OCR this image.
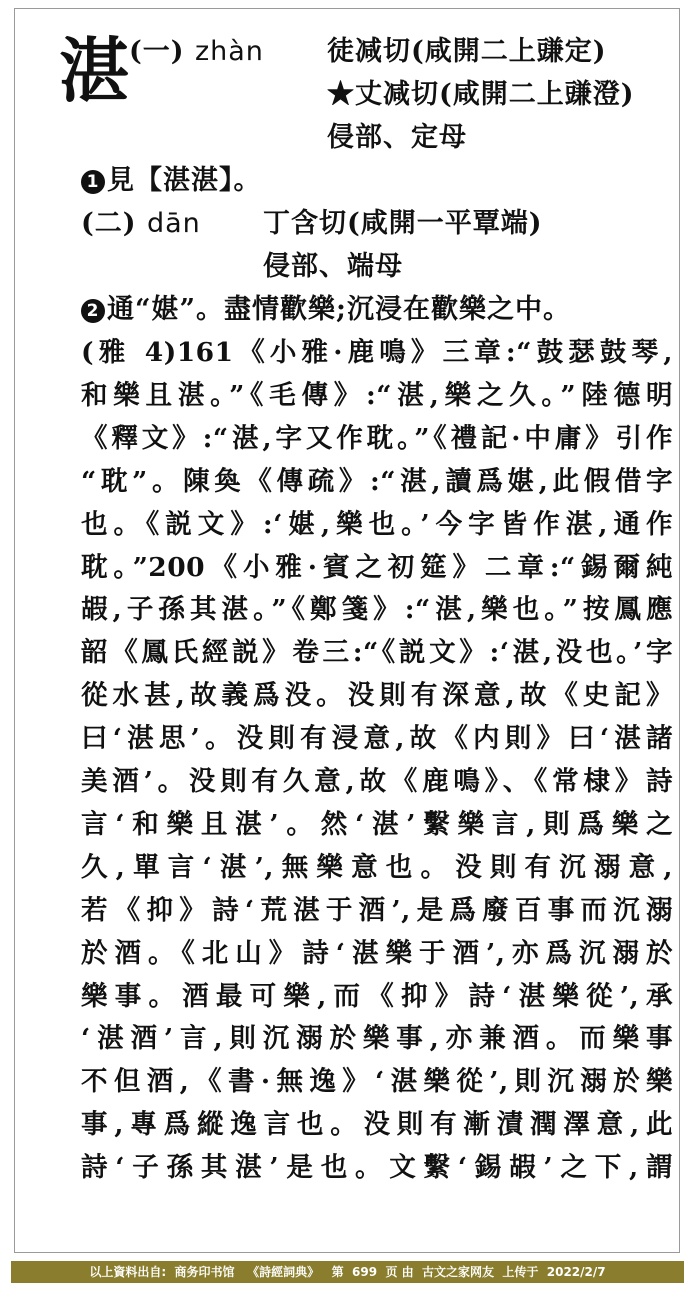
湛 (一) zhàn 徒减切(咸開二上豏定)
★丈减切(咸開二上豏澄)
侵部、定母
1 見【湛湛】。
(二) dān 丁含切(咸開一平覃端)
侵部、端母
2 通“媅”。盡情歡樂;沉浸在歡樂之中。
(雅 4)161《小雅·鹿鳴》三章:“鼓瑟鼓琴,
和樂且湛。”《毛傳》:“湛,樂之久。”陸德明
《釋文》:“湛,字又作耽。”《禮記·中庸》引作
“耽”。陳奐《傳疏》:“湛,讀爲媅,此假借字
也。《説文》:‘媅,樂也。’今字皆作湛,通作
耽。”200《小雅·賓之初筵》二章:“錫爾純
嘏,子孫其湛。”《鄭箋》:“湛,樂也。”按鳳應
韶《鳳氏經説》卷三:“《説文》:‘湛,没也。’字
從水甚,故義爲没。没則有深意,故《史記》
曰‘湛思’。没則有浸意,故《内則》曰‘湛諸
美酒’。没則有久意,故《鹿鳴》、《常棣》詩
言‘和樂且湛’。然‘湛’繫樂言,則爲樂之
久,單言‘湛’,無樂意也。没則有沉溺意,
若《抑》詩‘荒湛于酒’,是爲廢百事而沉溺
於酒。《北山》詩‘湛樂于酒’,亦爲沉溺於
樂事。酒最可樂,而《抑》詩‘湛樂從’,承
‘湛酒’言,則沉溺於樂事,亦兼酒。而樂事
不但酒,《書·無逸》‘湛樂從’,則沉溺於樂
事,專爲縱逸言也。没則有漸漬潤澤意,此
詩‘子孫其湛’是也。文繫‘錫嘏’之下,謂
以上資料出自: 商务印书馆 《詩經詞典》 第 699 页 由 古文之家网友 上传于 2022/2/7
